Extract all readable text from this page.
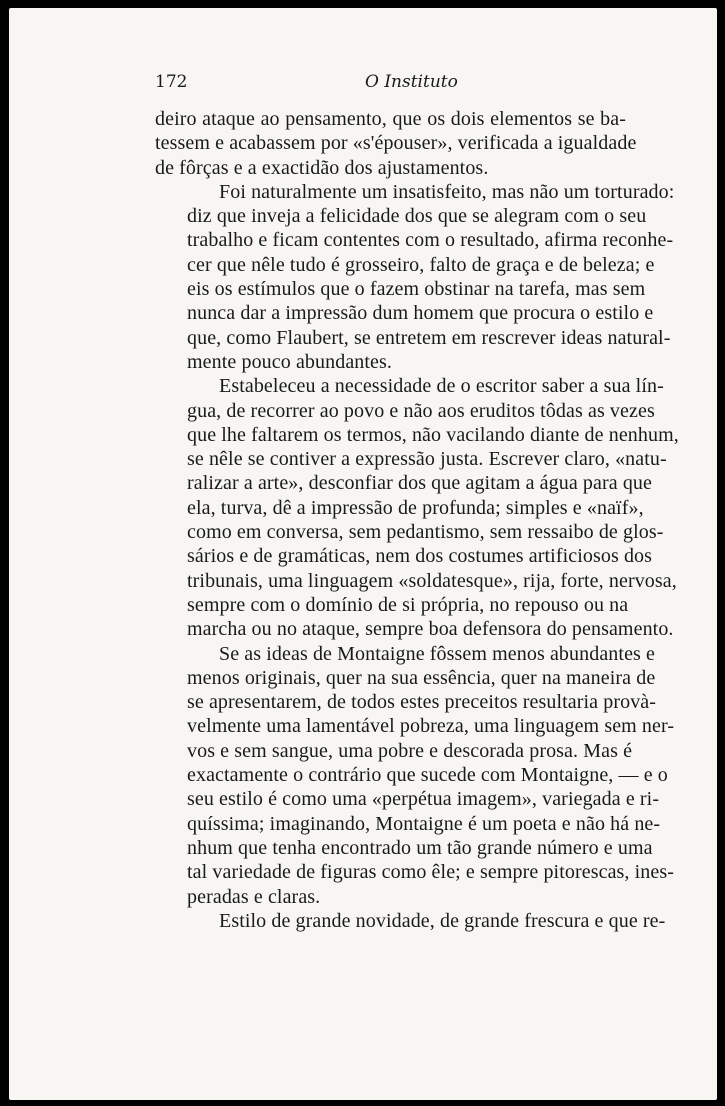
172	O Instituto
deiro ataque ao pensamento, que os dois elementos se ba-
tessem e acabassem por «s'épouser», verificada a igualdade
de fôrças e a exactidão dos ajustamentos.
Foi naturalmente um insatisfeito, mas não um torturado:
diz que inveja a felicidade dos que se alegram com o seu
trabalho e ficam contentes com o resultado, afirma reconhe-
cer que nêle tudo é grosseiro, falto de graça e de beleza; e
eis os estímulos que o fazem obstinar na tarefa, mas sem
nunca dar a impressão dum homem que procura o estilo e
que, como Flaubert, se entretem em rescrever ideas natural-
mente pouco abundantes.
Estabeleceu a necessidade de o escritor saber a sua lín-
gua, de recorrer ao povo e não aos eruditos tôdas as vezes
que lhe faltarem os termos, não vacilando diante de nenhum,
se nêle se contiver a expressão justa. Escrever claro, «natu-
ralizar a arte», desconfiar dos que agitam a água para que
ela, turva, dê a impressão de profunda; simples e «naïf»,
como em conversa, sem pedantismo, sem ressaibo de glos-
sários e de gramáticas, nem dos costumes artificiosos dos
tribunais, uma linguagem «soldatesque», rija, forte, nervosa,
sempre com o domínio de si própria, no repouso ou na
marcha ou no ataque, sempre boa defensora do pensamento.
Se as ideas de Montaigne fôssem menos abundantes e
menos originais, quer na sua essência, quer na maneira de
se apresentarem, de todos estes preceitos resultaria provà-
velmente uma lamentável pobreza, uma linguagem sem ner-
vos e sem sangue, uma pobre e descorada prosa. Mas é
exactamente o contrário que sucede com Montaigne, — e o
seu estilo é como uma «perpétua imagem», variegada e ri-
quíssima; imaginando, Montaigne é um poeta e não há ne-
nhum que tenha encontrado um tão grande número e uma
tal variedade de figuras como êle; e sempre pitorescas, ines-
peradas e claras.
Estilo de grande novidade, de grande frescura e que re-
